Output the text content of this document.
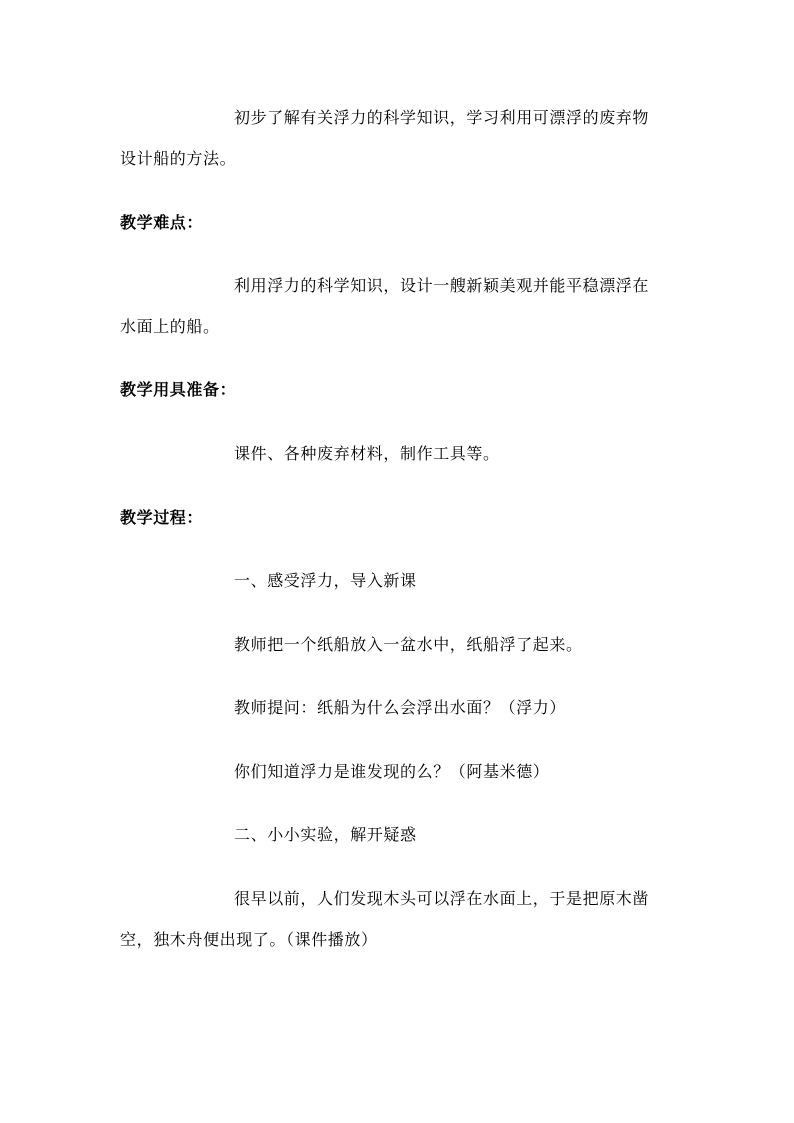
初步了解有关浮力的科学知识，学习利用可漂浮的废弃物
设计船的方法。
教学难点：
利用浮力的科学知识，设计一艘新颖美观并能平稳漂浮在
水面上的船。
教学用具准备：
课件、各种废弃材料，制作工具等。
教学过程：
一、感受浮力，导入新课
教师把一个纸船放入一盆水中，纸船浮了起来。
教师提问：纸船为什么会浮出水面？（浮力）
你们知道浮力是谁发现的么？（阿基米德）
二、小小实验，解开疑惑
很早以前，人们发现木头可以浮在水面上，于是把原木凿
空，独木舟便出现了。（课件播放）
